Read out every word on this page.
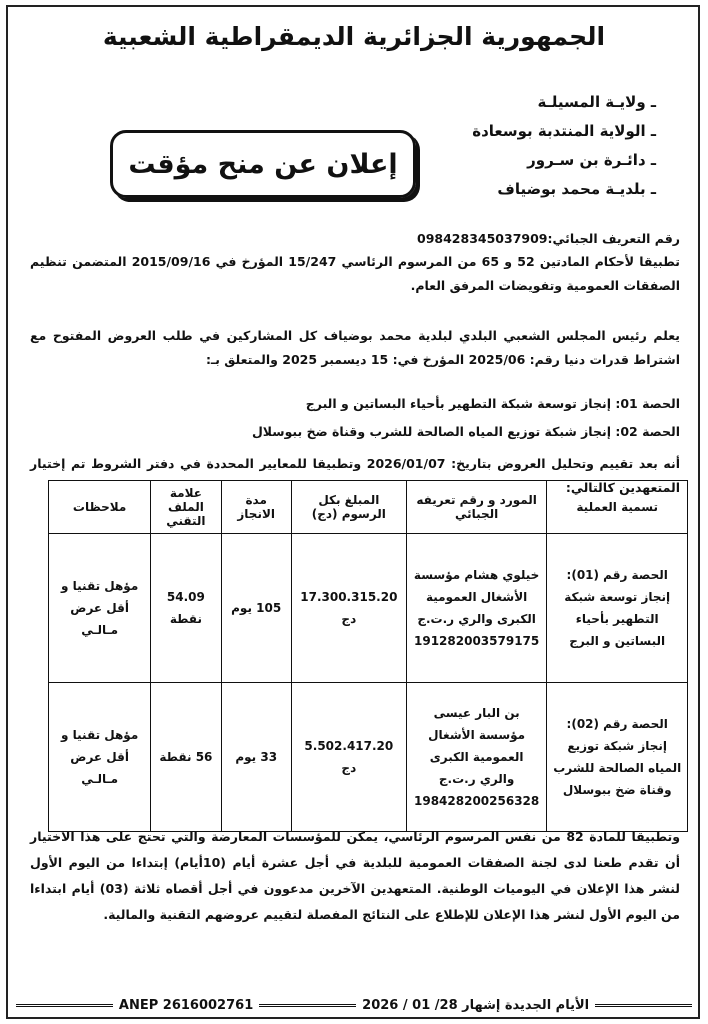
الجمهورية الجزائرية الديمقراطية الشعبية
ـ ولايـة المسيلـة
ـ الولاية المنتدبة بوسعادة
ـ دائـرة بن سـرور
ـ بلديـة محمد بوضياف
إعلان عن منح مؤقت
رقم التعريف الجبائي:098428345037909
تطبيقا لأحكام المادتين 52 و 65 من المرسوم الرئاسي 15/247 المؤرخ في 2015/09/16 المتضمن تنظيم الصفقات العمومية وتفويضات المرفق العام.
يعلم رئيس المجلس الشعبي البلدي لبلدية محمد بوضياف كل المشاركين في طلب العروض المفتوح مع اشتراط قدرات دنيا رقم: 2025/06 المؤرخ في: 15 ديسمبر 2025 والمتعلق بـ:
الحصة 01: إنجاز توسعة شبكة التطهير بأحياء البساتين و البرج
الحصة 02: إنجاز شبكة توزيع المياه الصالحة للشرب وقناة ضخ ببوسلال
أنه بعد تقييم وتحليل العروض بتاريخ: 2026/01/07 وتطبيقا للمعايير المحددة في دفتر الشروط تم إختيار المتعهدين كالتالي:
تسمية العملية	المورد و رقم تعريفه الجبائي	المبلغ بكل الرسوم (دج)	مدة الانجاز	علامة الملف التقني	ملاحظات
الحصة رقم (01): إنجاز توسعة شبكة التطهير بأحياء البساتين و البرج	خيلوي هشام مؤسسة الأشغال العمومية الكبرى والري ر.ت.ج 191282003579175	17.300.315.20 دج	105 يوم	54.09 نقطة	مؤهل تقنيا و أقل عرض مـالـي
الحصة رقم (02): إنجاز شبكة توزيع المياه الصالحة للشرب وقناة ضخ ببوسلال	بن البار عيسى مؤسسة الأشغال العمومية الكبرى والري ر.ت.ج 198428200256328	5.502.417.20 دج	33 يوم	56 نقطة	مؤهل تقنيا و أقل عرض مـالـي
وتطبيقا للمادة 82 من نفس المرسوم الرئاسي، يمكن للمؤسسات المعارضة والتي تحتج على هذا الاختيار أن تقدم طعنا لدى لجنة الصفقات العمومية للبلدية في أجل عشرة أيام (10أيام) إبتداءا من اليوم الأول لنشر هذا الإعلان في اليوميات الوطنية. المتعهدين الآخرين مدعوون في أجل أقصاه ثلاثة (03) أيام ابتداءا من اليوم الأول لنشر هذا الإعلان للإطلاع على النتائج المفصلة لتقييم عروضهم التقنية والمالية.
ANEP 2616002761	الأيام الجديدة إشهار 28/ 01 / 2026
